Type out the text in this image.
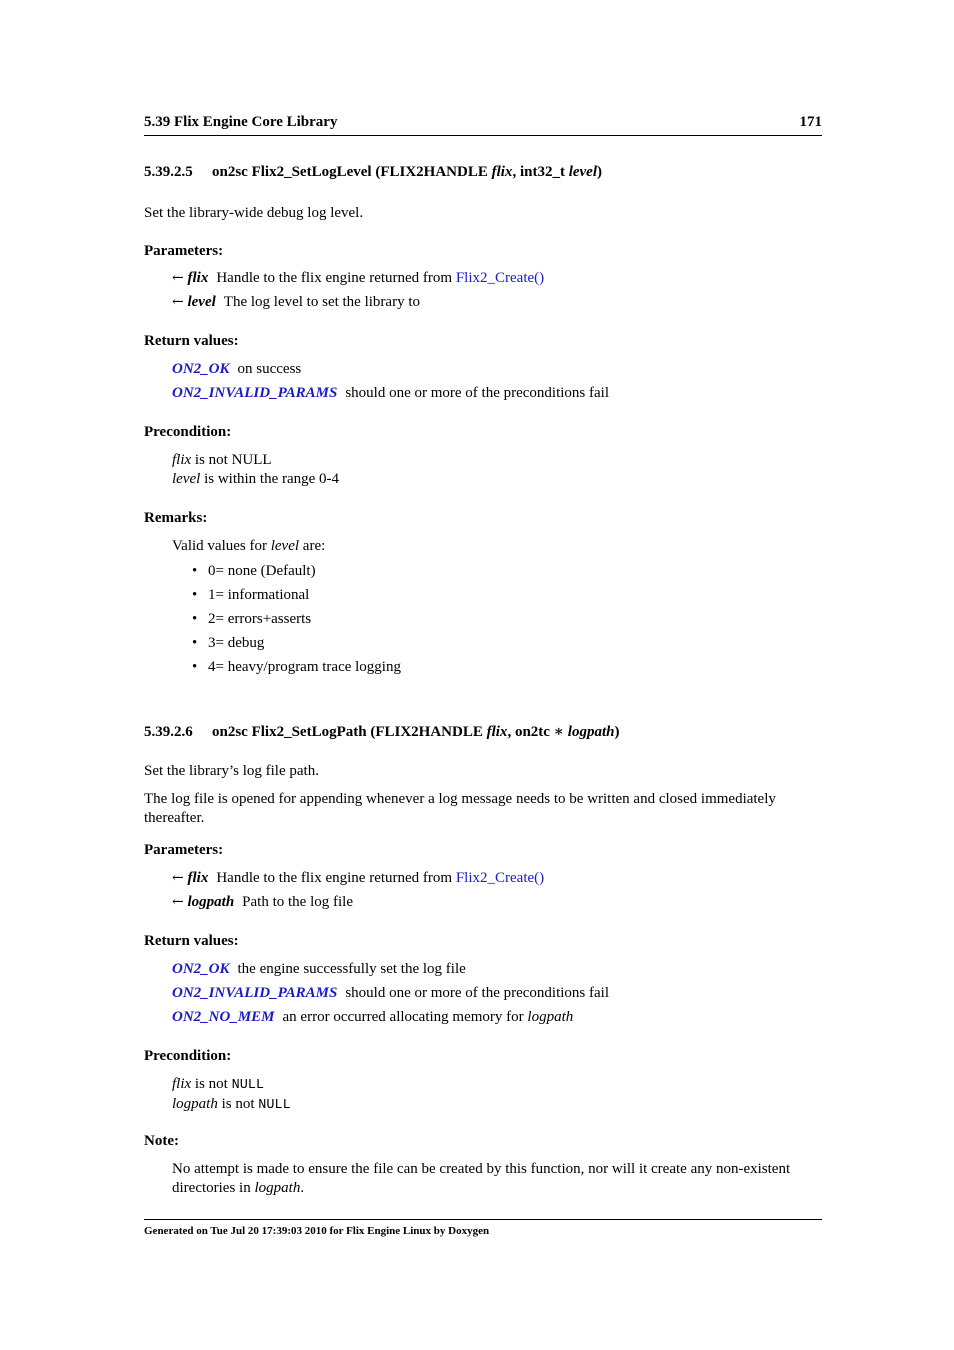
5.39 Flix Engine Core Library	171
5.39.2.5 on2sc Flix2_SetLogLevel (FLIX2HANDLE flix, int32_t level)
Set the library-wide debug log level.
Parameters:
← flix Handle to the flix engine returned from Flix2_Create()
← level The log level to set the library to
Return values:
ON2_OK on success
ON2_INVALID_PARAMS should one or more of the preconditions fail
Precondition:
flix is not NULL
level is within the range 0-4
Remarks:
Valid values for level are:
• 0= none (Default)
• 1= informational
• 2= errors+asserts
• 3= debug
• 4= heavy/program trace logging
5.39.2.6 on2sc Flix2_SetLogPath (FLIX2HANDLE flix, on2tc ∗ logpath)
Set the library’s log file path.
The log file is opened for appending whenever a log message needs to be written and closed immediately thereafter.
Parameters:
← flix Handle to the flix engine returned from Flix2_Create()
← logpath Path to the log file
Return values:
ON2_OK the engine successfully set the log file
ON2_INVALID_PARAMS should one or more of the preconditions fail
ON2_NO_MEM an error occurred allocating memory for logpath
Precondition:
flix is not NULL
logpath is not NULL
Note:
No attempt is made to ensure the file can be created by this function, nor will it create any non-existent directories in logpath.
Generated on Tue Jul 20 17:39:03 2010 for Flix Engine Linux by Doxygen
